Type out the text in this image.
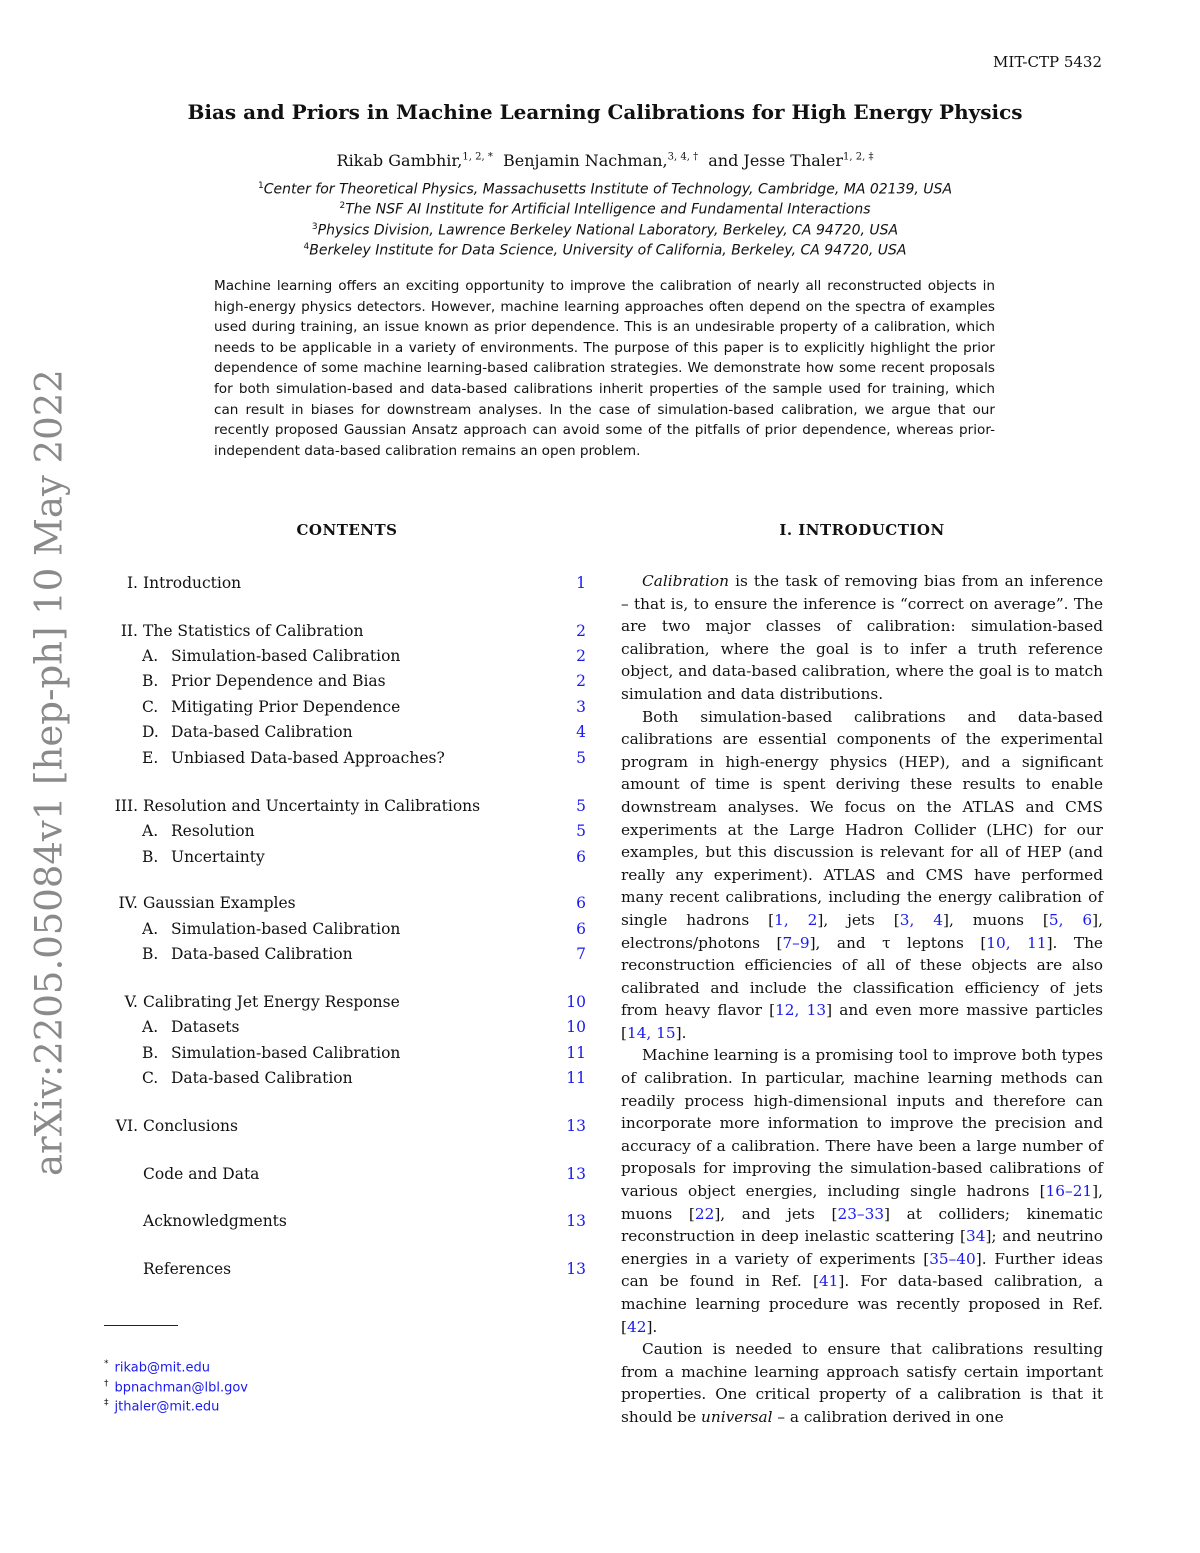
MIT-CTP 5432
arXiv:2205.05084v1 [hep-ph] 10 May 2022
Bias and Priors in Machine Learning Calibrations for High Energy Physics
Rikab Gambhir,$^{1, 2, *}$ Benjamin Nachman,$^{3, 4, \dagger}$ and Jesse Thaler$^{1, 2, \ddagger}$
$^1$Center for Theoretical Physics, Massachusetts Institute of Technology, Cambridge, MA 02139, USA
$^2$The NSF AI Institute for Artificial Intelligence and Fundamental Interactions
$^3$Physics Division, Lawrence Berkeley National Laboratory, Berkeley, CA 94720, USA
$^4$Berkeley Institute for Data Science, University of California, Berkeley, CA 94720, USA

Machine learning offers an exciting opportunity to improve the calibration of nearly all reconstructed objects in high-energy physics detectors. However, machine learning approaches often depend on the spectra of examples used during training, an issue known as prior dependence. This is an undesirable property of a calibration, which needs to be applicable in a variety of environments. The purpose of this paper is to explicitly highlight the prior dependence of some machine learning-based calibration strategies. We demonstrate how some recent proposals for both simulation-based and data-based calibrations inherit properties of the sample used for training, which can result in biases for downstream analyses. In the case of simulation-based calibration, we argue that our recently proposed Gaussian Ansatz approach can avoid some of the pitfalls of prior dependence, whereas prior-independent data-based calibration remains an open problem.

CONTENTS
I. Introduction	1
II. The Statistics of Calibration	2
A. Simulation-based Calibration	2
B. Prior Dependence and Bias	2
C. Mitigating Prior Dependence	3
D. Data-based Calibration	4
E. Unbiased Data-based Approaches?	5
III. Resolution and Uncertainty in Calibrations	5
A. Resolution	5
B. Uncertainty	6
IV. Gaussian Examples	6
A. Simulation-based Calibration	6
B. Data-based Calibration	7
V. Calibrating Jet Energy Response	10
A. Datasets	10
B. Simulation-based Calibration	11
C. Data-based Calibration	11
VI. Conclusions	13
Code and Data	13
Acknowledgments	13
References	13
* rikab@mit.edu
† bpnachman@lbl.gov
‡ jthaler@mit.edu
I. INTRODUCTION

Calibration is the task of removing bias from an inference – that is, to ensure the inference is “correct on average”. The are two major classes of calibration: simulation-based calibration, where the goal is to infer a truth reference object, and data-based calibration, where the goal is to match simulation and data distributions.

Both simulation-based calibrations and data-based calibrations are essential components of the experimental program in high-energy physics (HEP), and a significant amount of time is spent deriving these results to enable downstream analyses. We focus on the ATLAS and CMS experiments at the Large Hadron Collider (LHC) for our examples, but this discussion is relevant for all of HEP (and really any experiment). ATLAS and CMS have performed many recent calibrations, including the energy calibration of single hadrons [1, 2], jets [3, 4], muons [5, 6], electrons/photons [7–9], and τ leptons [10, 11]. The reconstruction efficiencies of all of these objects are also calibrated and include the classification efficiency of jets from heavy flavor [12, 13] and even more massive particles [14, 15].

Machine learning is a promising tool to improve both types of calibration. In particular, machine learning methods can readily process high-dimensional inputs and therefore can incorporate more information to improve the precision and accuracy of a calibration. There have been a large number of proposals for improving the simulation-based calibrations of various object energies, including single hadrons [16–21], muons [22], and jets [23–33] at colliders; kinematic reconstruction in deep inelastic scattering [34]; and neutrino energies in a variety of experiments [35–40]. Further ideas can be found in Ref. [41]. For data-based calibration, a machine learning procedure was recently proposed in Ref. [42].

Caution is needed to ensure that calibrations resulting from a machine learning approach satisfy certain important properties. One critical property of a calibration is that it should be universal – a calibration derived in one
